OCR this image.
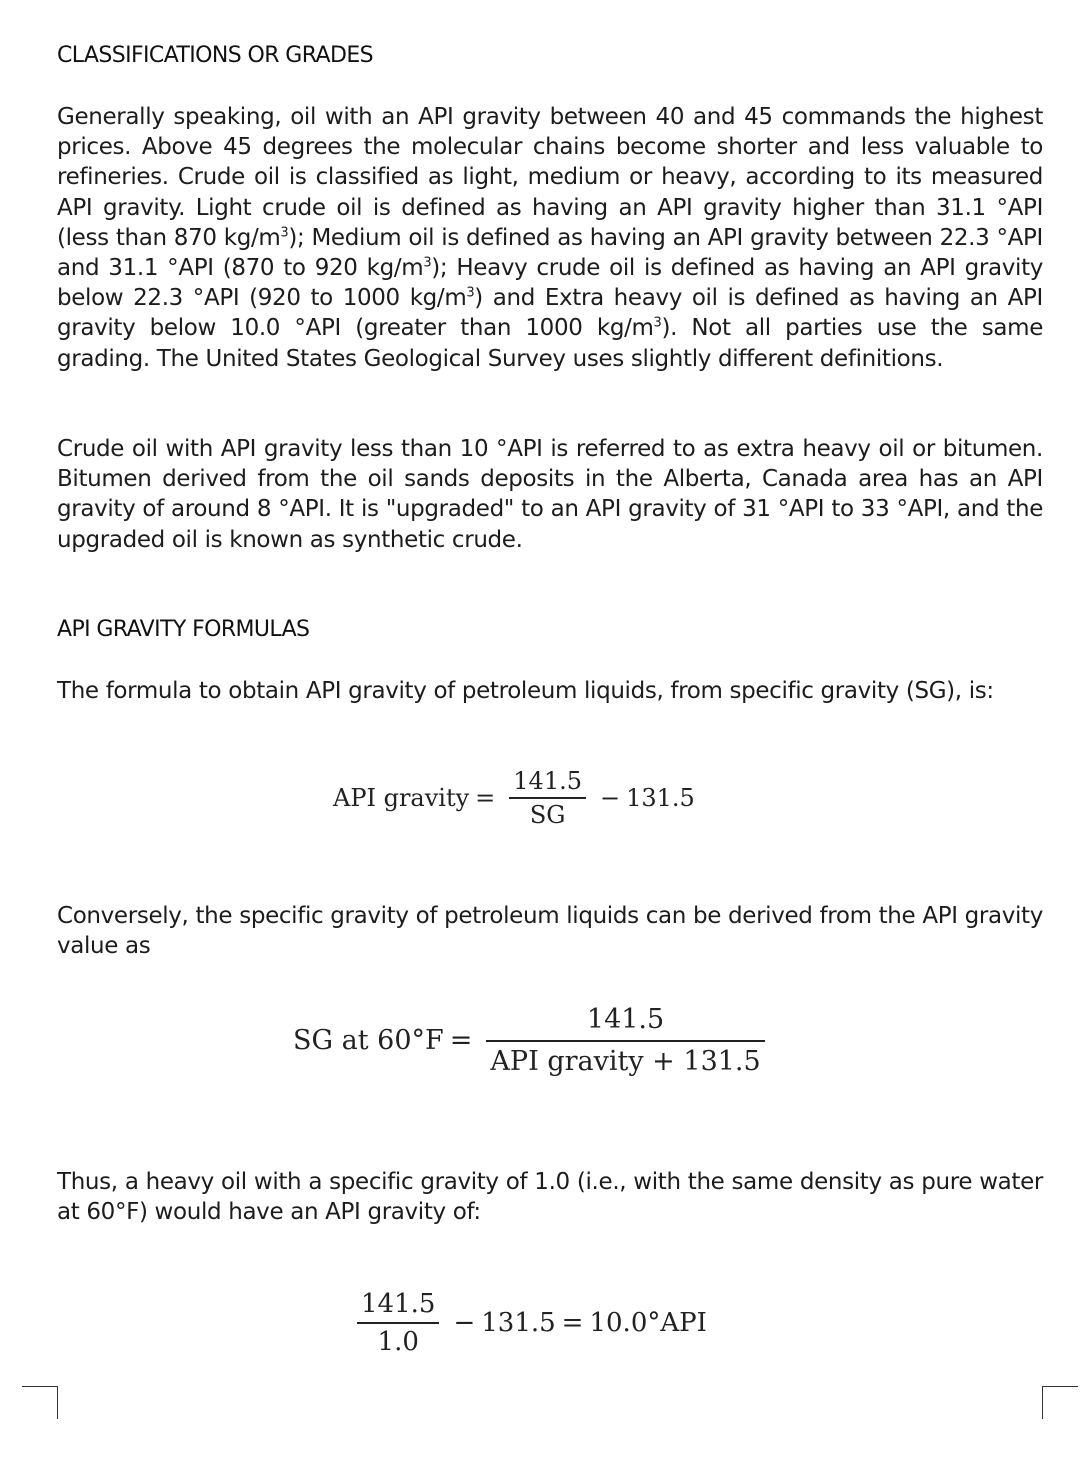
CLASSIFICATIONS OR GRADES
Generally speaking, oil with an API gravity between 40 and 45 commands the highest prices. Above 45 degrees the molecular chains become shorter and less valuable to refineries. Crude oil is classified as light, medium or heavy, according to its measured API gravity. Light crude oil is defined as having an API gravity higher than 31.1 °API (less than 870 $kg/m^3$); Medium oil is defined as having an API gravity between 22.3 °API and 31.1 °API (870 to 920 $kg/m^3$); Heavy crude oil is defined as having an API gravity below 22.3 °API (920 to 1000 $kg/m^3$) and Extra heavy oil is defined as having an API gravity below 10.0 °API (greater than 1000 $kg/m^3$). Not all parties use the same grading. The United States Geological Survey uses slightly different definitions.
Crude oil with API gravity less than 10 °API is referred to as extra heavy oil or bitumen. Bitumen derived from the oil sands deposits in the Alberta, Canada area has an API gravity of around 8 °API. It is "upgraded" to an API gravity of 31 °API to 33 °API, and the upgraded oil is known as synthetic crude.
API GRAVITY FORMULAS
The formula to obtain API gravity of petroleum liquids, from specific gravity (SG), is:
Conversely, the specific gravity of petroleum liquids can be derived from the API gravity value as
Thus, a heavy oil with a specific gravity of 1.0 (i.e., with the same density as pure water at 60°F) would have an API gravity of:
API gravity = $\frac{141.5}{SG} - 131.5$
SG at $60^\circ F = \frac{141.5}{\text{API gravity + 131.5}}$
$\frac{141.5}{1.0} - 131.5 = 10.0^\circ API$
